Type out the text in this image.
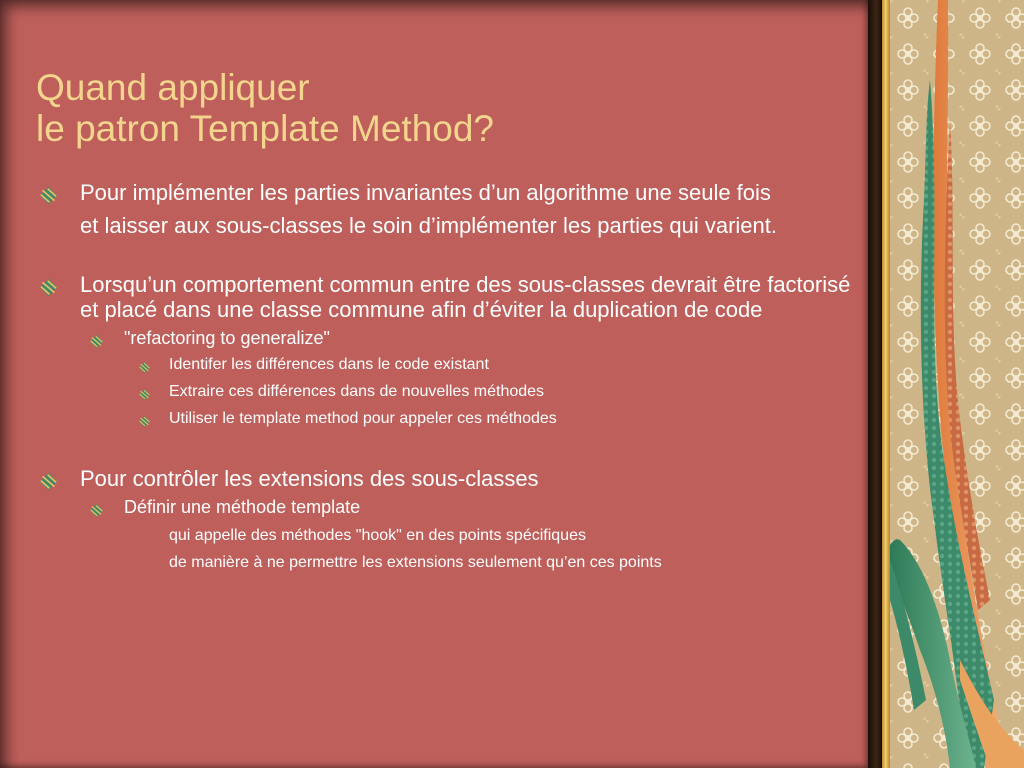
Quand appliquer
le patron Template Method?
Pour implémenter les parties invariantes d’un algorithme une seule fois
et laisser aux sous-classes le soin d’implémenter les parties qui varient.
Lorsqu’un comportement commun entre des sous-classes devrait être factorisé et placé dans une classe commune afin d’éviter la duplication de code
"refactoring to generalize"
Identifer les différences dans le code existant
Extraire ces différences dans de nouvelles méthodes
Utiliser le template method pour appeler ces méthodes
Pour contrôler les extensions des sous-classes
Définir une méthode template
qui appelle des méthodes "hook" en des points spécifiques
de manière à ne permettre les extensions seulement qu’en ces points
